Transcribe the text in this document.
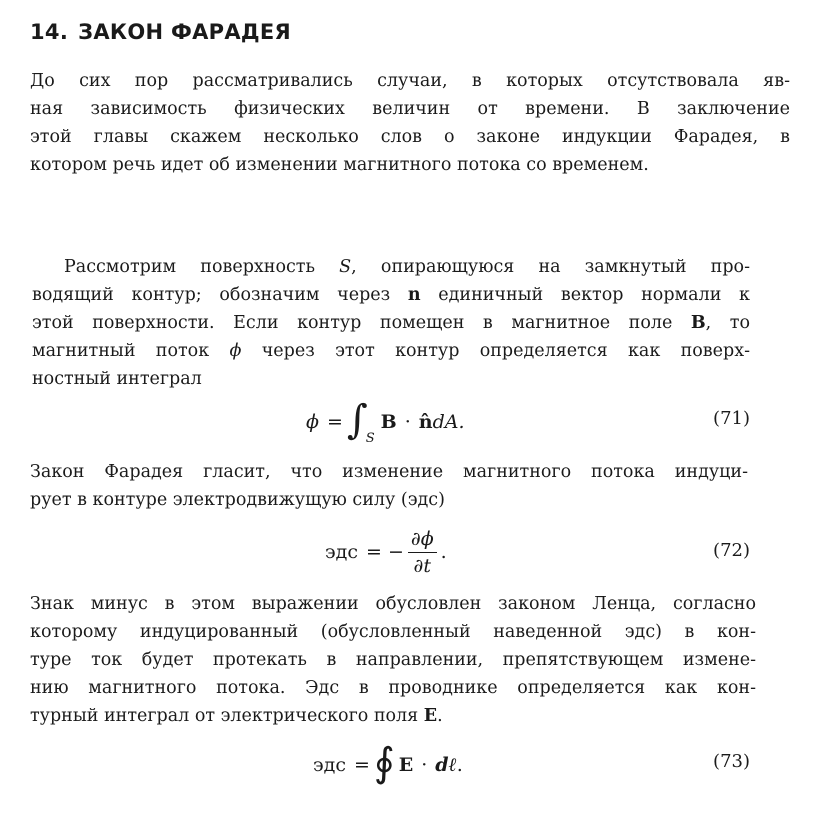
14. ЗАКОН ФАРАДЕЯ
До сих пор рассматривались случаи, в которых отсутствовала яв-
ная зависимость физических величин от времени. В заключение
этой главы скажем несколько слов о законе индукции Фарадея, в
котором речь идет об изменении магнитного потока со временем.
Рассмотрим поверхность S, опирающуюся на замкнутый про-
водящий контур; обозначим через n единичный вектор нормали к
этой поверхности. Если контур помещен в магнитное поле B, то
магнитный поток ϕ через этот контур определяется как поверх-
ностный интеграл
ϕ = ∫
S
B · n̂ dA.	(71)
Закон Фарадея гласит, что изменение магнитного потока индуци-
рует в контуре электродвижущую силу (эдс)
эдс = − $\frac{\partial\phi}{\partial t}$ .	(72)
Знак минус в этом выражении обусловлен законом Ленца, согласно
которому индуцированный (обусловленный наведенной эдс) в кон-
туре ток будет протекать в направлении, препятствующем измене-
нию магнитного потока. Эдс в проводнике определяется как кон-
турный интеграл от электрического поля E.
эдс = ∮ E · dℓ .	(73)
